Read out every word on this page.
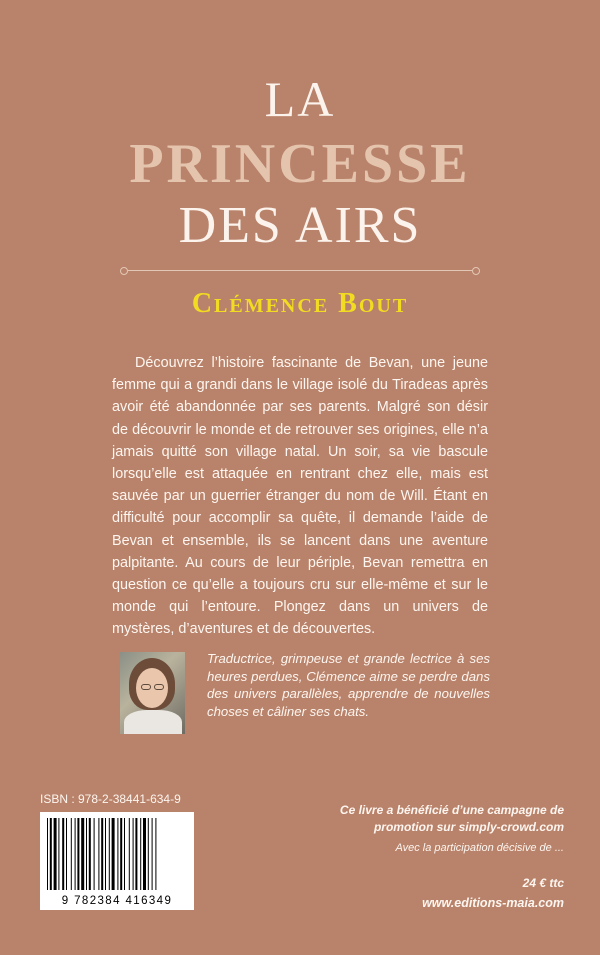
LA
PRINCESSE
DES AIRS
Clémence Bout
Découvrez l’histoire fascinante de Bevan, une jeune femme qui a grandi dans le village isolé du Tiradeas après avoir été abandonnée par ses parents. Malgré son désir de découvrir le monde et de retrouver ses origines, elle n’a jamais quitté son village natal. Un soir, sa vie bascule lorsqu’elle est attaquée en rentrant chez elle, mais est sauvée par un guerrier étranger du nom de Will. Étant en difficulté pour accomplir sa quête, il demande l’aide de Bevan et ensemble, ils se lancent dans une aventure palpitante. Au cours de leur périple, Bevan remettra en question ce qu’elle a toujours cru sur elle-même et sur le monde qui l’entoure. Plongez dans un univers de mystères, d’aventures et de découvertes.
Traductrice, grimpeuse et grande lectrice à ses heures perdues, Clémence aime se perdre dans des univers parallèles, apprendre de nouvelles choses et câliner ses chats.
ISBN : 978-2-38441-634-9
9 782384 416349
Ce livre a bénéficié d’une campagne de promotion sur simply-crowd.com
Avec la participation décisive de ...
24 € ttc
www.editions-maia.com
